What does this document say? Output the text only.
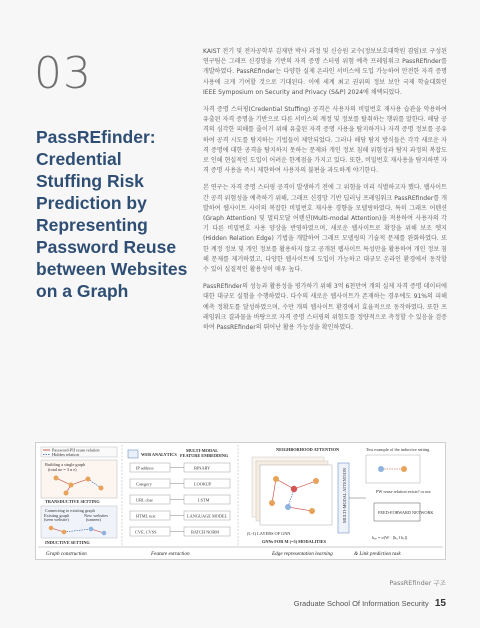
03
PassREfinder:
Credential
Stuffing Risk
Prediction by
Representing
Password Reuse
between Websites
on a Graph

KAIST 전기 및 전자공학부 김재만 박사 과정 및 신승원 교수(정보보호대학원 겸임)로 구성된 연구팀은 그래프 신경망을 기반의 자격 증명 스터핑 위험 예측 프레임워크 PassREfinder를 개발하였다. PassREfinder는 다양한 실제 온라인 서비스에 도입 가능하여 안전한 자격 증명 사용에 크게 기여할 것으로 기대된다. 이에 세계 최고 권위의 정보 보안 국제 학술대회인 IEEE Symposium on Security and Privacy (S&P) 2024에 채택되었다.

자격 증명 스터핑(Credential Stuffing) 공격은 사용자의 비밀번호 재사용 습관을 악용하여 유출된 자격 증명을 기반으로 다른 서비스의 계정 및 정보를 탈취하는 행위를 말한다. 해당 공격의 심각한 피해를 줄이기 위해 유출된 자격 증명 사용을 탐지하거나 자격 증명 정보를 공유하여 공격 시도를 탐지하는 기법들이 제안되었다. 그러나 해당 탐지 방식들은 각각 새로운 자격 증명에 대한 공격을 탐지하지 못하는 문제와 개인 정보 침해 위험성과 탐지 과정의 복잡도로 인해 현실적인 도입이 어려운 한계점을 가지고 있다. 또한, 비밀번호 재사용을 탐지하면 자격 증명 사용을 즉시 제한하여 사용자의 불편을 과도하게 야기한다.

본 연구는 자격 증명 스터핑 공격이 발생하기 전에 그 위험을 미리 식별하고자 했다. 웹사이트 간 공격 위험성을 예측하기 위해, 그래프 신경망 기반 딥러닝 프레임워크 PassREfinder를 개발하여 웹사이트 사이의 복잡한 비밀번호 재사용 경향을 모델링하였다. 특히 그래프 어텐션(Graph Attention) 및 멀티모달 어텐션(Multi-modal Attention)을 적용하여 사용자의 각기 다른 비밀번호 사용 양상을 반영하였으며, 새로운 웹사이트로 확장을 위해 보조 엣지(Hidden Relation Edge) 기법을 개발하여 그래프 모델링의 기술적 문제를 완화하였다. 또한 계정 정보 및 개인 정보를 활용하지 않고 공개된 웹사이트 특성만을 활용하여 개인 정보 침해 문제를 제거하였고, 다양한 웹사이트에 도입이 가능하고 대규모 온라인 환경에서 동작할 수 있어 실질적인 활용성이 매우 높다.

PassREfinder의 성능과 활용성을 평가하기 위해 3억 6천만여 개의 실제 자격 증명 데이터에 대한 대규모 실험을 수행하였다. 다수의 새로운 웹사이트가 존재하는 경우에도 91%의 피해 예측 정확도를 달성하였으며, 수만 개의 웹사이트 환경에서 효율적으로 동작하였다. 또한 프레임워크 결과물을 바탕으로 자격 증명 스터핑의 위험도를 정량적으로 측정할 수 있음을 검증하여 PassREfinder의 뛰어난 활용 가능성을 확인하였다.

Password-PII reuse relation
Hidden relation
Building a single graph
(total ne = 3 n e)
TRANSDUCTIVE SETTING
Connecting to existing graph
Existing graph
(seen website)
New websites
(unseen)
INDUCTIVE SETTING
WEB ANALYTICS
MULTI-MODAL
FEATURE EMBEDDING
IP address	BINARY
Category	LOOKUP
URL char	LSTM
HTML text	LANGUAGE MODEL
CVE, CVSS	BATCH NORM
NEIGHBORHOOD ATTENTION	Test example of the inductive setting
(L-1) LAYERS OF GNN
GNNs FOR M (=5) MODALITIES
MULTI-MODAL ATTENTION	PW reuse relation exists? or not
FEED-FORWARD NETWORK
hᵤᵥ = σ(W · [hᵤ ‖ hᵥ])
Graph construction	Feature extraction	Edge representation learning	& Link prediction task
PassREfinder 구조
Graduate School Of Information Security 15
